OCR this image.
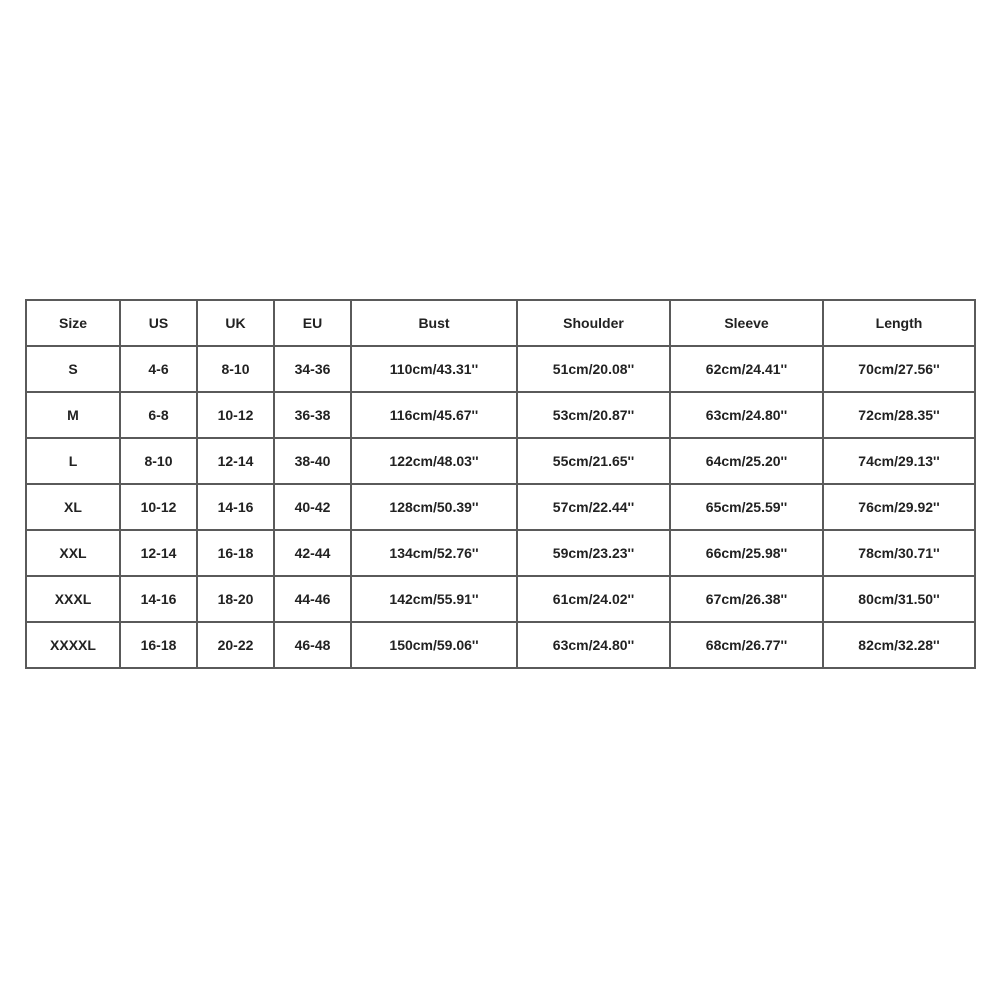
Size	US	UK	EU	Bust	Shoulder	Sleeve	Length
S	4-6	8-10	34-36	110cm/43.31''	51cm/20.08''	62cm/24.41''	70cm/27.56''
M	6-8	10-12	36-38	116cm/45.67''	53cm/20.87''	63cm/24.80''	72cm/28.35''
L	8-10	12-14	38-40	122cm/48.03''	55cm/21.65''	64cm/25.20''	74cm/29.13''
XL	10-12	14-16	40-42	128cm/50.39''	57cm/22.44''	65cm/25.59''	76cm/29.92''
XXL	12-14	16-18	42-44	134cm/52.76''	59cm/23.23''	66cm/25.98''	78cm/30.71''
XXXL	14-16	18-20	44-46	142cm/55.91''	61cm/24.02''	67cm/26.38''	80cm/31.50''
XXXXL	16-18	20-22	46-48	150cm/59.06''	63cm/24.80''	68cm/26.77''	82cm/32.28''
